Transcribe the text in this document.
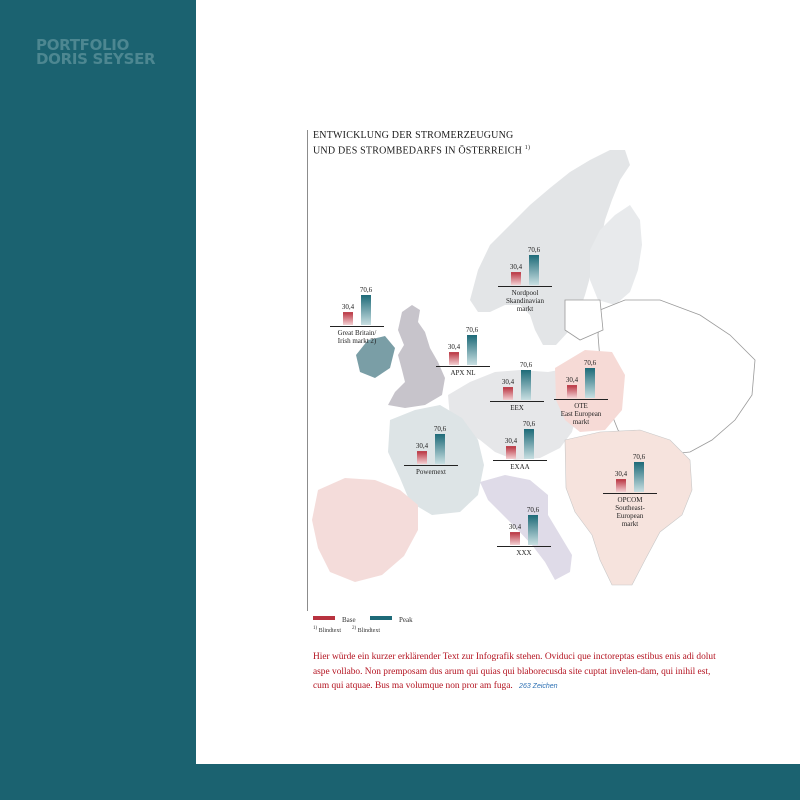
PORTFOLIO
DORIS SEYSER
ENTWICKLUNG DER STROMERZEUGUNG
UND DES STROMBEDARFS IN ÖSTERREICH $^{1)}$
30,4
70,6
Nordpool
Skandinavian
markt
30,4
70,6
Great Britain/
Irish markt 2)
30,4
70,6
APX NL
30,4
70,6
EEX
30,4
70,6
OTE
East European
markt
30,4
70,6
Powernext
30,4
70,6
EXAA
30,4
70,6
OPCOM
Southeast-
European
markt
30,4
70,6
XXX
Base	Peak
$^{1)}$ Blindtext $^{2)}$ Blindtext
Hier würde ein kurzer erklärender Text zur Infografik stehen. Oviduci que inctoreptas estibus enis adi dolut aspe vollabo. Non premposam dus arum qui quias qui blaborecusda site cuptat invelen-dam, qui inihil est, cum qui atquae. Bus ma volumque non pror am fuga. 263 Zeichen
